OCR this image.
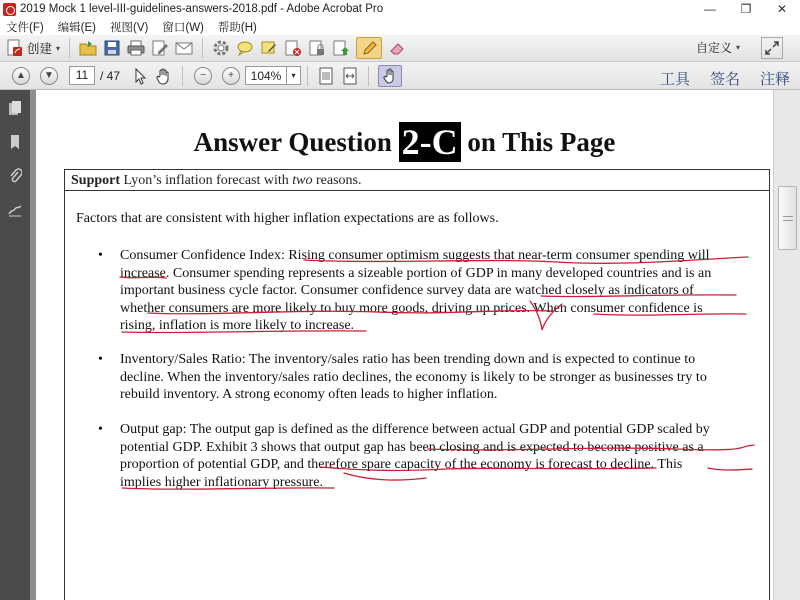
2019 Mock 1 level-III-guidelines-answers-2018.pdf - Adobe Acrobat Pro	—	❐	✕
文件(F)	编辑(E)	视图(V)	窗口(W)	帮助(H)
创建 ▾	自定义 ▾
▲ ▼	11 / 47	− +	104%	▾	工具 签名 注释
Answer Question 2-C on This Page
Support Lyon’s inflation forecast with two reasons.
Factors that are consistent with higher inflation expectations are as follows.
•	Consumer Confidence Index: Rising consumer optimism suggests that near-term consumer spending will
increase. Consumer spending represents a sizeable portion of GDP in many developed countries and is an
important business cycle factor. Consumer confidence survey data are watched closely as indicators of
whether consumers are more likely to buy more goods, driving up prices. When consumer confidence is
rising, inflation is more likely to increase.
•	Inventory/Sales Ratio: The inventory/sales ratio has been trending down and is expected to continue to
decline. When the inventory/sales ratio declines, the economy is likely to be stronger as businesses try to
rebuild inventory. A strong economy often leads to higher inflation.
•	Output gap: The output gap is defined as the difference between actual GDP and potential GDP scaled by
potential GDP. Exhibit 3 shows that output gap has been closing and is expected to become positive as a
proportion of potential GDP, and therefore spare capacity of the economy is forecast to decline. This
implies higher inflationary pressure.
